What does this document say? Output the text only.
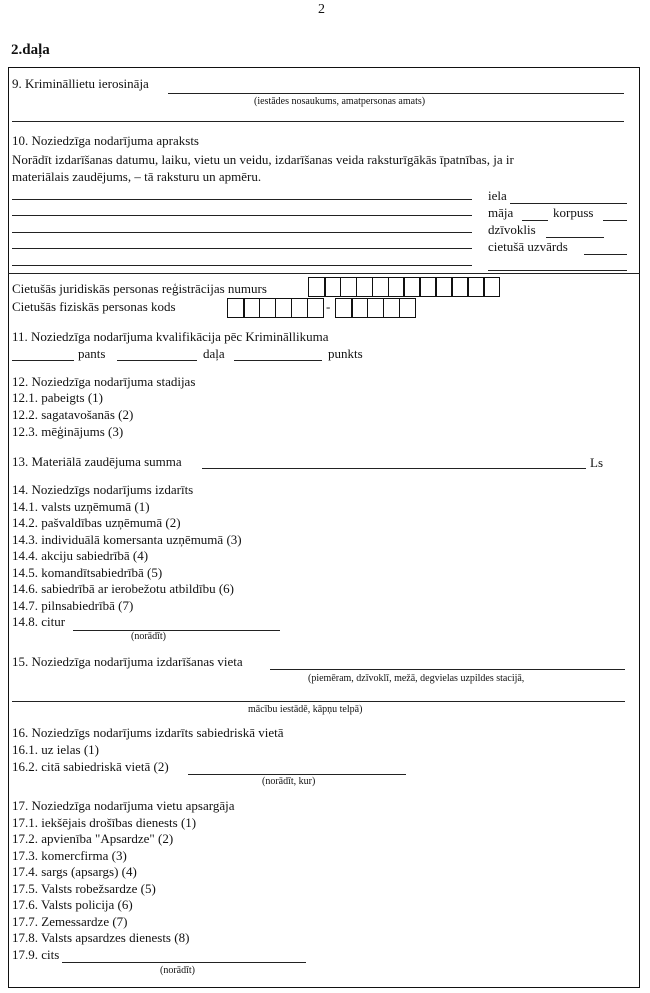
2
2.daļa
9. Krimināllietu ierosināja
(iestādes nosaukums, amatpersonas amats)
10. Noziedzīga nodarījuma apraksts
Norādīt izdarīšanas datumu, laiku, vietu un veidu, izdarīšanas veida raksturīgākās īpatnības, ja ir
materiālais zaudējums, – tā raksturu un apmēru.
iela
māja	korpuss
dzīvoklis
cietušā uzvārds
Cietušās juridiskās personas reģistrācijas numurs
Cietušās fiziskās personas kods	-
11. Noziedzīga nodarījuma kvalifikācija pēc Krimināllikuma
pants	daļa	punkts
12. Noziedzīga nodarījuma stadijas
12.1. pabeigts (1)
12.2. sagatavošanās (2)
12.3. mēģinājums (3)
13. Materiālā zaudējuma summa	Ls
14. Noziedzīgs nodarījums izdarīts
14.1. valsts uzņēmumā (1)
14.2. pašvaldības uzņēmumā (2)
14.3. individuālā komersanta uzņēmumā (3)
14.4. akciju sabiedrībā (4)
14.5. komandītsabiedrībā (5)
14.6. sabiedrībā ar ierobežotu atbildību (6)
14.7. pilnsabiedrībā (7)
14.8. citur
(norādīt)
15. Noziedzīga nodarījuma izdarīšanas vieta
(piemēram, dzīvoklī, mežā, degvielas uzpildes stacijā,
mācību iestādē, kāpņu telpā)
16. Noziedzīgs nodarījums izdarīts sabiedriskā vietā
16.1. uz ielas (1)
16.2. citā sabiedriskā vietā (2)
(norādīt, kur)
17. Noziedzīga nodarījuma vietu apsargāja
17.1. iekšējais drošības dienests (1)
17.2. apvienība "Apsardze" (2)
17.3. komercfirma (3)
17.4. sargs (apsargs) (4)
17.5. Valsts robežsardze (5)
17.6. Valsts policija (6)
17.7. Zemessardze (7)
17.8. Valsts apsardzes dienests (8)
17.9. cits
(norādīt)
